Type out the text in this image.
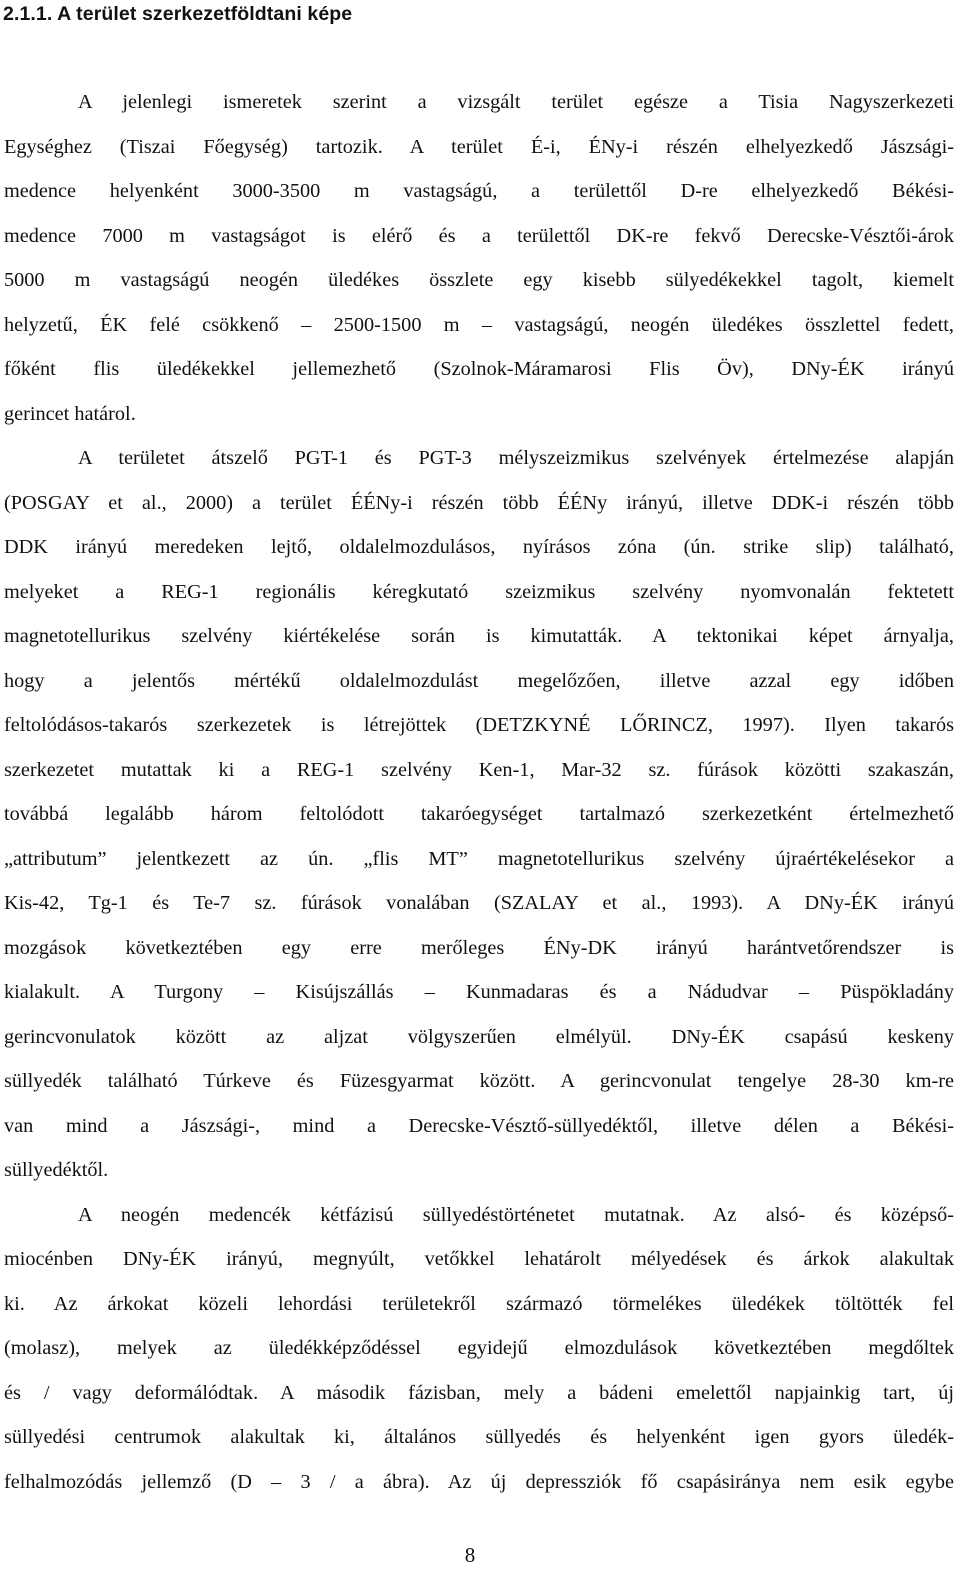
2.1.1. A terület szerkezetföldtani képe
A jelenlegi ismeretek szerint a vizsgált terület egésze a Tisia Nagyszerkezeti
Egységhez (Tiszai Főegység) tartozik. A terület É-i, ÉNy-i részén elhelyezkedő Jászsági-
medence helyenként 3000-3500 m vastagságú, a területtől D-re elhelyezkedő Békési-
medence 7000 m vastagságot is elérő és a területtől DK-re fekvő Derecske-Vésztői-árok
5000 m vastagságú neogén üledékes összlete egy kisebb sülyedékekkel tagolt, kiemelt
helyzetű, ÉK felé csökkenő – 2500-1500 m – vastagságú, neogén üledékes összlettel fedett,
főként flis üledékekkel jellemezhető (Szolnok-Máramarosi Flis Öv), DNy-ÉK irányú
gerincet határol.
A területet átszelő PGT-1 és PGT-3 mélyszeizmikus szelvények értelmezése alapján
(POSGAY et al., 2000) a terület ÉÉNy-i részén több ÉÉNy irányú, illetve DDK-i részén több
DDK irányú meredeken lejtő, oldalelmozdulásos, nyírásos zóna (ún. strike slip) található,
melyeket a REG-1 regionális kéregkutató szeizmikus szelvény nyomvonalán fektetett
magnetotellurikus szelvény kiértékelése során is kimutatták. A tektonikai képet árnyalja,
hogy a jelentős mértékű oldalelmozdulást megelőzően, illetve azzal egy időben
feltolódásos-takarós szerkezetek is létrejöttek (DETZKYNÉ LŐRINCZ, 1997). Ilyen takarós
szerkezetet mutattak ki a REG-1 szelvény Ken-1, Mar-32 sz. fúrások közötti szakaszán,
továbbá legalább három feltolódott takaróegységet tartalmazó szerkezetként értelmezhető
„attributum” jelentkezett az ún. „flis MT” magnetotellurikus szelvény újraértékelésekor a
Kis-42, Tg-1 és Te-7 sz. fúrások vonalában (SZALAY et al., 1993). A DNy-ÉK irányú
mozgások következtében egy erre merőleges ÉNy-DK irányú harántvetőrendszer is
kialakult. A Turgony – Kisújszállás – Kunmadaras és a Nádudvar – Püspökladány
gerincvonulatok között az aljzat völgyszerűen elmélyül. DNy-ÉK csapású keskeny
süllyedék található Túrkeve és Füzesgyarmat között. A gerincvonulat tengelye 28-30 km-re
van mind a Jászsági-, mind a Derecske-Vésztő-süllyedéktől, illetve délen a Békési-
süllyedéktől.
A neogén medencék kétfázisú süllyedéstörténetet mutatnak. Az alsó- és középső-
miocénben DNy-ÉK irányú, megnyúlt, vetőkkel lehatárolt mélyedések és árkok alakultak
ki. Az árkokat közeli lehordási területekről származó törmelékes üledékek töltötték fel
(molasz), melyek az üledékképződéssel egyidejű elmozdulások következtében megdőltek
és / vagy deformálódtak. A második fázisban, mely a bádeni emelettől napjainkig tart, új
süllyedési centrumok alakultak ki, általános süllyedés és helyenként igen gyors üledék-
felhalmozódás jellemző (D – 3 / a ábra). Az új depressziók fő csapásiránya nem esik egybe
8
